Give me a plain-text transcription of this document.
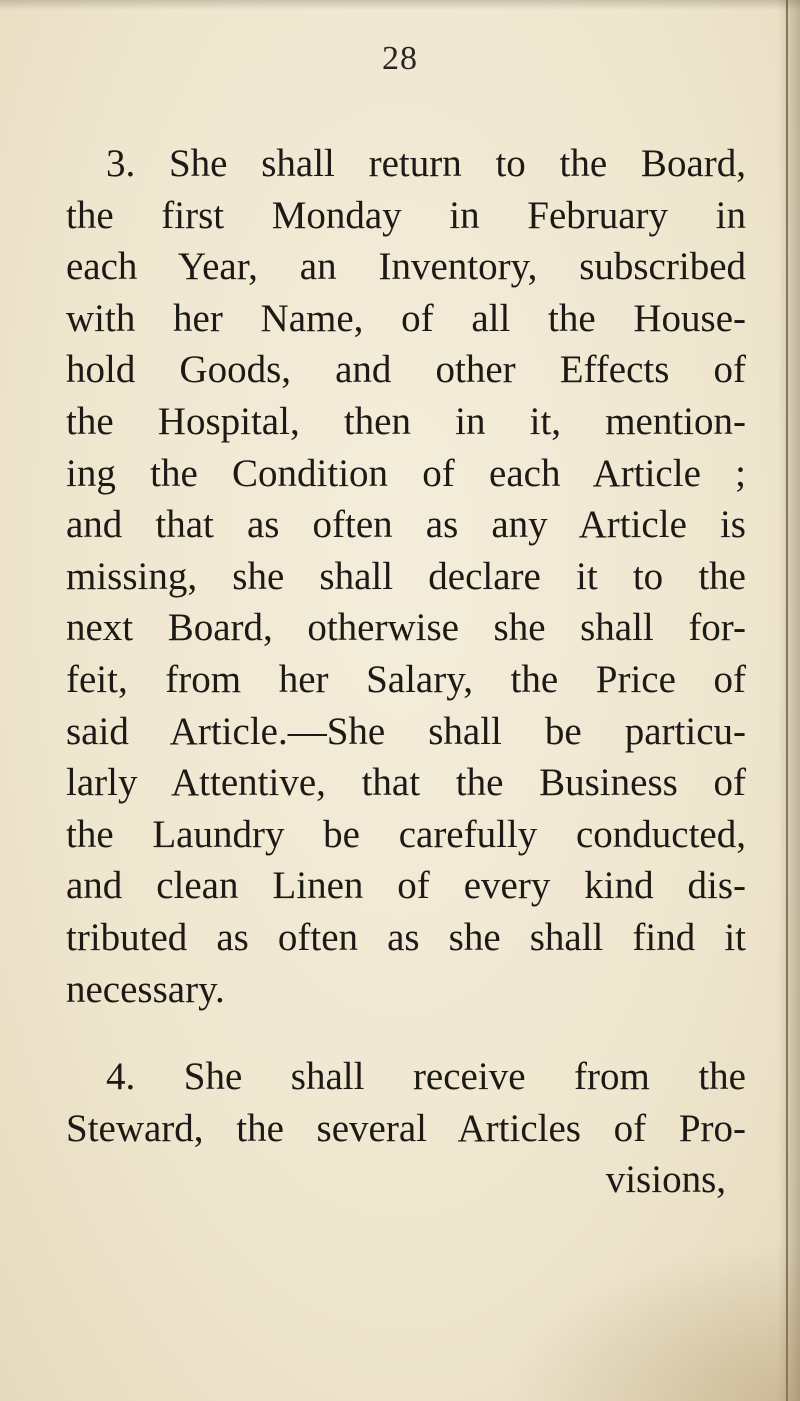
28
3. She shall return to the Board,
the first Monday in February in
each Year, an Inventory, subscribed
with her Name, of all the House-
hold Goods, and other Effects of
the Hospital, then in it, mention-
ing the Condition of each Article ;
and that as often as any Article is
missing, she shall declare it to the
next Board, otherwise she shall for-
feit, from her Salary, the Price of
said Article.—She shall be particu-
larly Attentive, that the Business of
the Laundry be carefully conducted,
and clean Linen of every kind dis-
tributed as often as she shall find it
necessary.
4. She shall receive from the
Steward, the several Articles of Pro-
visions,
